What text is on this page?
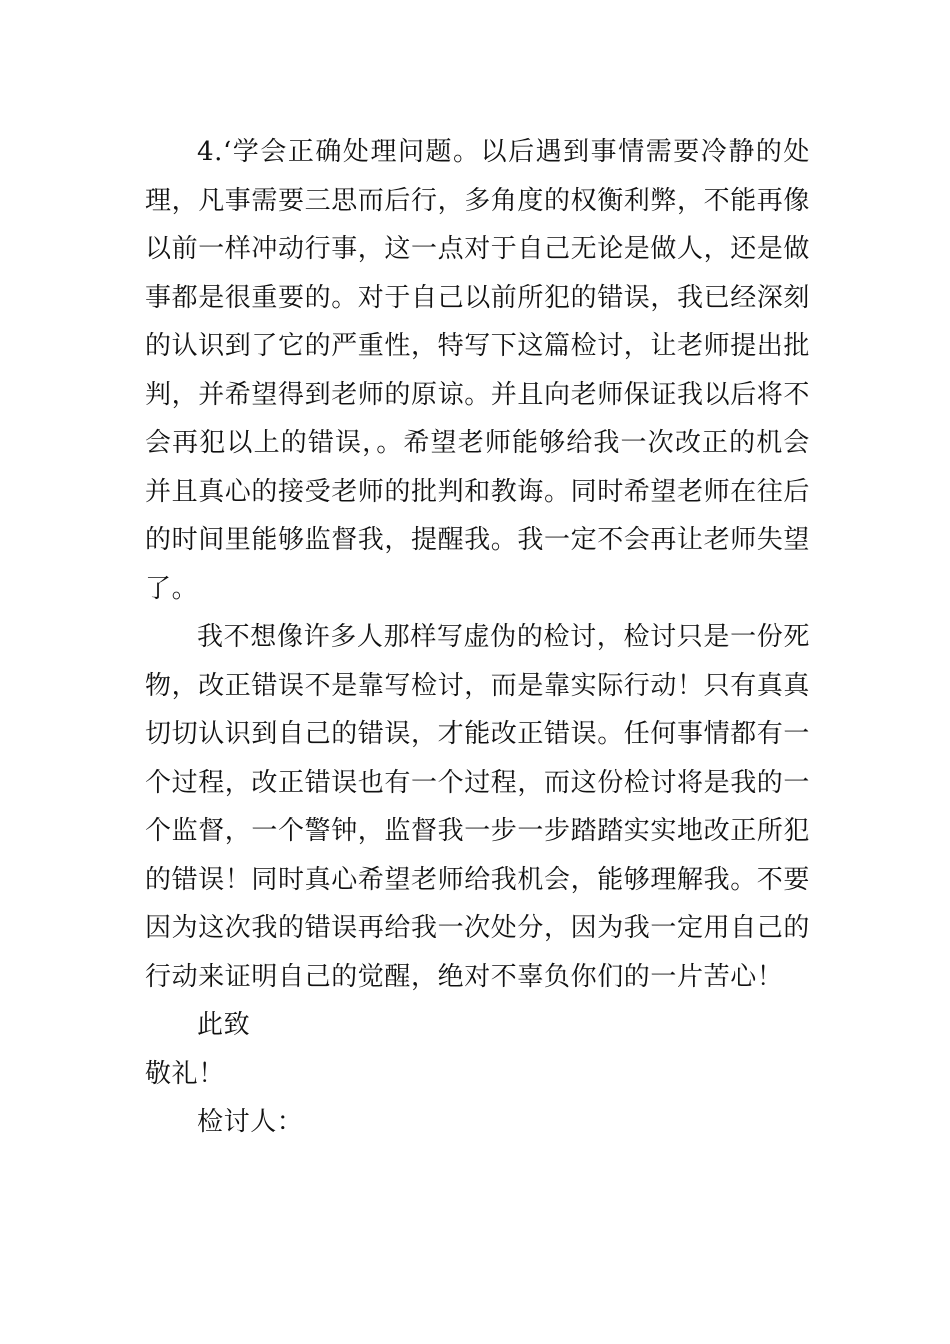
4.‘学会正确处理问题。以后遇到事情需要冷静的处理，凡事需要三思而后行，多角度的权衡利弊，不能再像以前一样冲动行事，这一点对于自己无论是做人，还是做事都是很重要的。对于自己以前所犯的错误，我已经深刻的认识到了它的严重性，特写下这篇检讨，让老师提出批判，并希望得到老师的原谅。并且向老师保证我以后将不会再犯以上的错误，。希望老师能够给我一次改正的机会并且真心的接受老师的批判和教诲。同时希望老师在往后的时间里能够监督我，提醒我。我一定不会再让老师失望了。

我不想像许多人那样写虚伪的检讨，检讨只是一份死物，改正错误不是靠写检讨，而是靠实际行动！只有真真切切认识到自己的错误，才能改正错误。任何事情都有一个过程，改正错误也有一个过程，而这份检讨将是我的一个监督，一个警钟，监督我一步一步踏踏实实地改正所犯的错误！同时真心希望老师给我机会，能够理解我。不要因为这次我的错误再给我一次处分，因为我一定用自己的行动来证明自己的觉醒，绝对不辜负你们的一片苦心！

此致

敬礼！

检讨人：
